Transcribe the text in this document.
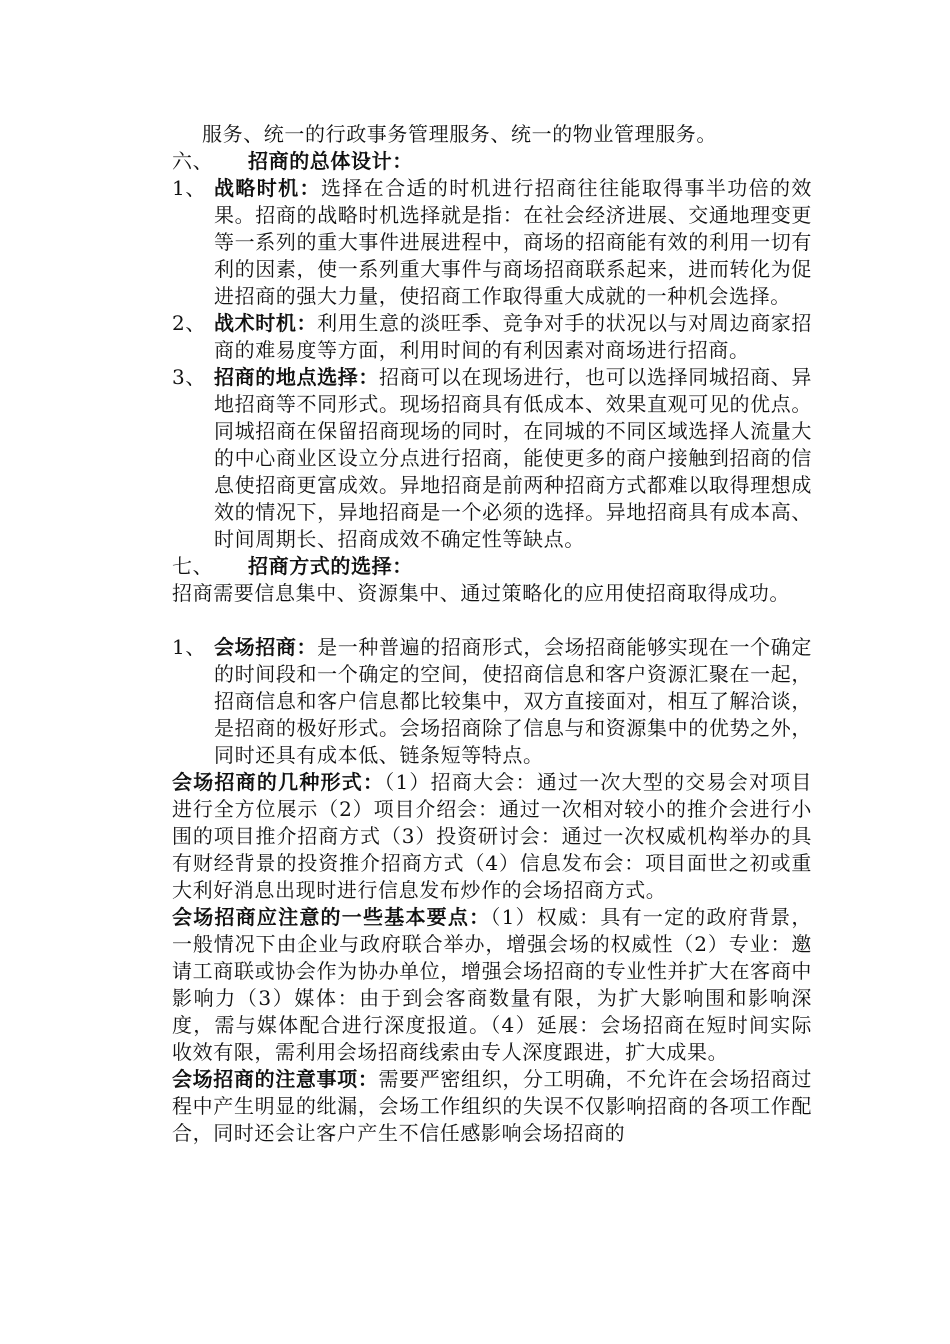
服务、统一的行政事务管理服务、统一的物业管理服务。

六、	招商的总体设计：
1、 战略时机：选择在合适的时机进行招商往往能取得事半功倍的效果。招商的战略时机选择就是指：在社会经济进展、交通地理变更等一系列的重大事件进展进程中，商场的招商能有效的利用一切有利的因素，使一系列重大事件与商场招商联系起来，进而转化为促进招商的强大力量，使招商工作取得重大成就的一种机会选择。
2、 战术时机：利用生意的淡旺季、竞争对手的状况以与对周边商家招商的难易度等方面，利用时间的有利因素对商场进行招商。
3、 招商的地点选择：招商可以在现场进行，也可以选择同城招商、异地招商等不同形式。现场招商具有低成本、效果直观可见的优点。同城招商在保留招商现场的同时，在同城的不同区域选择人流量大的中心商业区设立分点进行招商，能使更多的商户接触到招商的信息使招商更富成效。异地招商是前两种招商方式都难以取得理想成效的情况下，异地招商是一个必须的选择。异地招商具有成本高、时间周期长、招商成效不确定性等缺点。
七、	招商方式的选择：

招商需要信息集中、资源集中、通过策略化的应用使招商取得成功。

1、 会场招商：是一种普遍的招商形式，会场招商能够实现在一个确定的时间段和一个确定的空间，使招商信息和客户资源汇聚在一起，招商信息和客户信息都比较集中，双方直接面对，相互了解洽谈，是招商的极好形式。会场招商除了信息与和资源集中的优势之外，同时还具有成本低、链条短等特点。

会场招商的几种形式：（1）招商大会：通过一次大型的交易会对项目进行全方位展示（2）项目介绍会：通过一次相对较小的推介会进行小围的项目推介招商方式（3）投资研讨会：通过一次权威机构举办的具有财经背景的投资推介招商方式（4）信息发布会：项目面世之初或重大利好消息出现时进行信息发布炒作的会场招商方式。

会场招商应注意的一些基本要点：（1）权威：具有一定的政府背景，一般情况下由企业与政府联合举办，增强会场的权威性（2）专业：邀请工商联或协会作为协办单位，增强会场招商的专业性并扩大在客商中影响力（3）媒体：由于到会客商数量有限，为扩大影响围和影响深度，需与媒体配合进行深度报道。（4）延展：会场招商在短时间实际收效有限，需利用会场招商线索由专人深度跟进，扩大成果。

会场招商的注意事项：需要严密组织，分工明确，不允许在会场招商过程中产生明显的纰漏，会场工作组织的失误不仅影响招商的各项工作配合，同时还会让客户产生不信任感影响会场招商的
